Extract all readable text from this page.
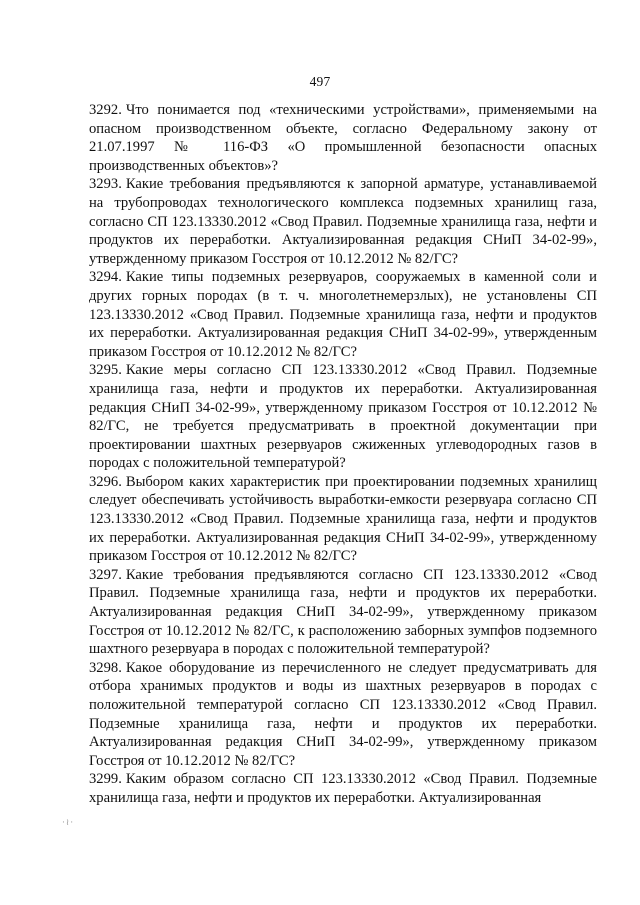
497

3292. Что понимается под «техническими устройствами», применяемыми на опасном производственном объекте, согласно Федеральному закону от 21.07.1997 № 116-ФЗ «О промышленной безопасности опасных производственных объектов»?

3293. Какие требования предъявляются к запорной арматуре, устанавливаемой на трубопроводах технологического комплекса подземных хранилищ газа, согласно СП 123.13330.2012 «Свод Правил. Подземные хранилища газа, нефти и продуктов их переработки. Актуализированная редакция СНиП 34-02-99», утвержденному приказом Госстроя от 10.12.2012 № 82/ГС?

3294. Какие типы подземных резервуаров, сооружаемых в каменной соли и других горных породах (в т. ч. многолетнемерзлых), не установлены СП 123.13330.2012 «Свод Правил. Подземные хранилища газа, нефти и продуктов их переработки. Актуализированная редакция СНиП 34-02-99», утвержденным приказом Госстроя от 10.12.2012 № 82/ГС?

3295. Какие меры согласно СП 123.13330.2012 «Свод Правил. Подземные хранилища газа, нефти и продуктов их переработки. Актуализированная редакция СНиП 34-02-99», утвержденному приказом Госстроя от 10.12.2012 № 82/ГС, не требуется предусматривать в проектной документации при проектировании шахтных резервуаров сжиженных углеводородных газов в породах с положительной температурой?

3296. Выбором каких характеристик при проектировании подземных хранилищ следует обеспечивать устойчивость выработки-емкости резервуара согласно СП 123.13330.2012 «Свод Правил. Подземные хранилища газа, нефти и продуктов их переработки. Актуализированная редакция СНиП 34-02-99», утвержденному приказом Госстроя от 10.12.2012 № 82/ГС?

3297. Какие требования предъявляются согласно СП 123.13330.2012 «Свод Правил. Подземные хранилища газа, нефти и продуктов их переработки. Актуализированная редакция СНиП 34-02-99», утвержденному приказом Госстроя от 10.12.2012 № 82/ГС, к расположению заборных зумпфов подземного шахтного резервуара в породах с положительной температурой?

3298. Какое оборудование из перечисленного не следует предусматривать для отбора хранимых продуктов и воды из шахтных резервуаров в породах с положительной температурой согласно СП 123.13330.2012 «Свод Правил. Подземные хранилища газа, нефти и продуктов их переработки. Актуализированная редакция СНиП 34-02-99», утвержденному приказом Госстроя от 10.12.2012 № 82/ГС?

3299. Каким образом согласно СП 123.13330.2012 «Свод Правил. Подземные хранилища газа, нефти и продуктов их переработки. Актуализированная

·≀·
